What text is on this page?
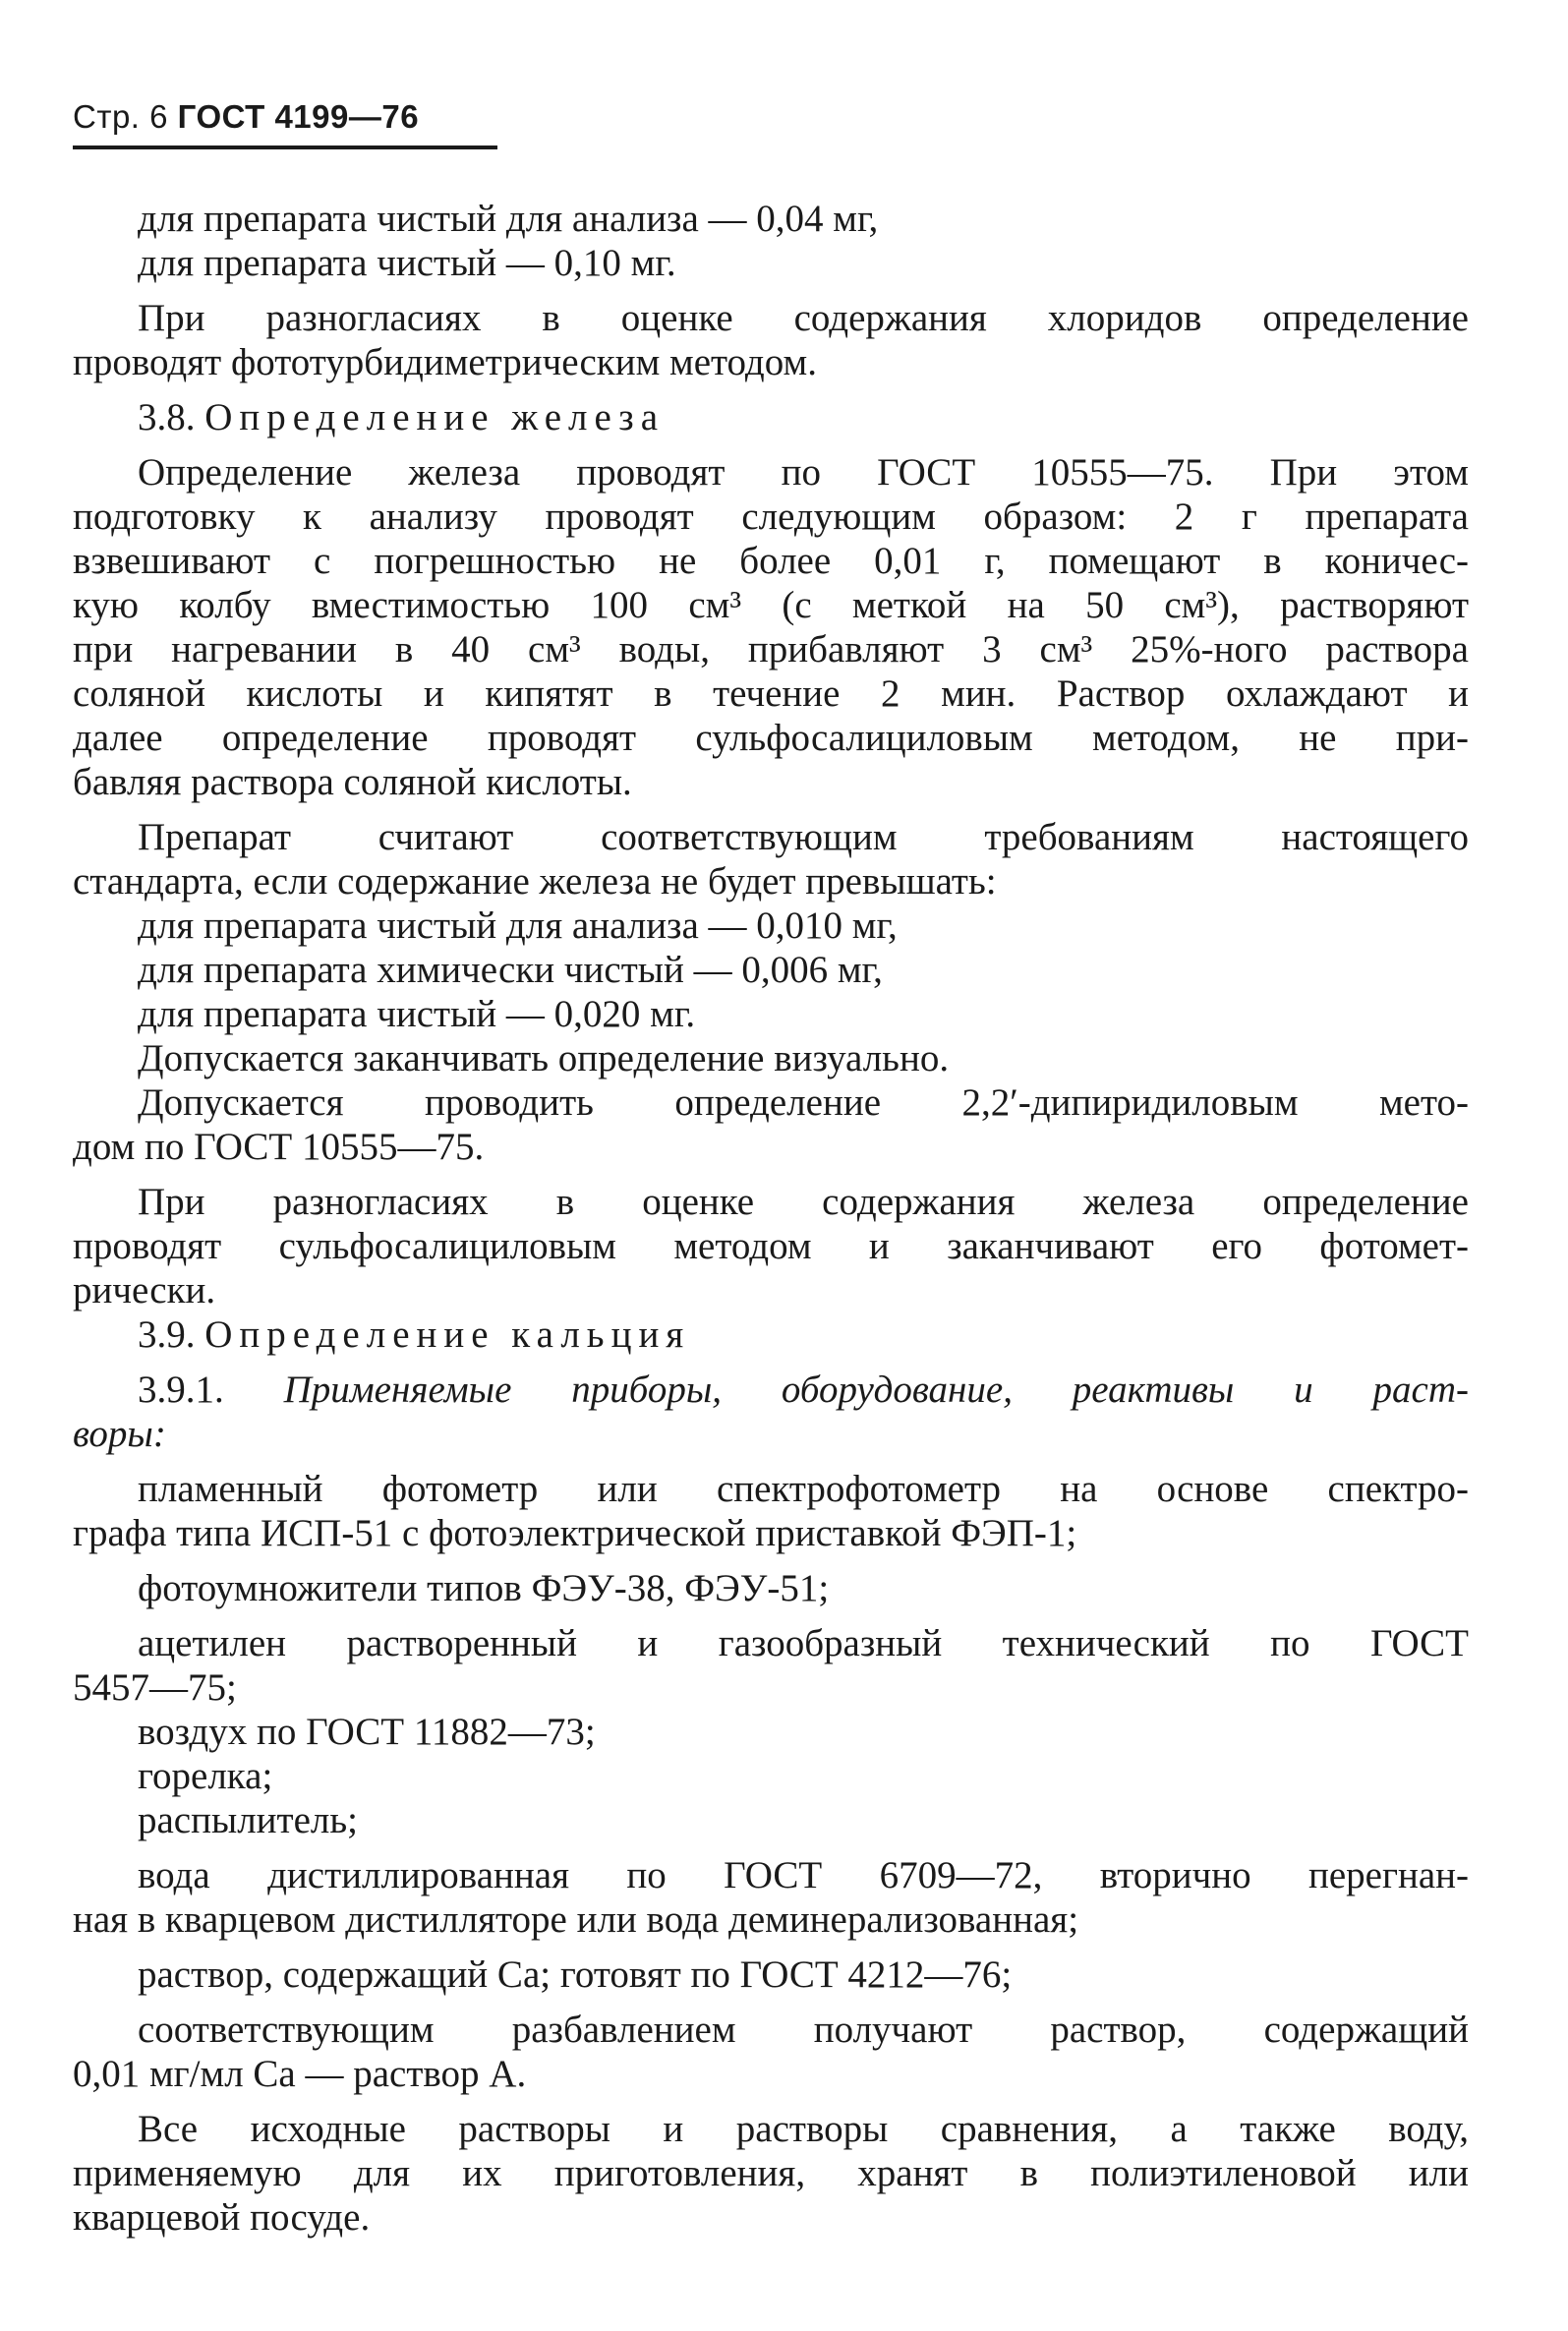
Стр. 6 ГОСТ 4199—76
для препарата чистый для анализа — 0,04 мг,
для препарата чистый — 0,10 мг.
При разногласиях в оценке содержания хлоридов определение
проводят фототурбидиметрическим методом.
3.8. Определение железа
Определение железа проводят по ГОСТ 10555—75. При этом
подготовку к анализу проводят следующим образом: 2 г препарата
взвешивают с погрешностью не более 0,01 г, помещают в коничес-
кую колбу вместимостью 100 см³ (с меткой на 50 см³), растворяют
при нагревании в 40 см³ воды, прибавляют 3 см³ 25%-ного раствора
соляной кислоты и кипятят в течение 2 мин. Раствор охлаждают и
далее определение проводят сульфосалициловым методом, не при-
бавляя раствора соляной кислоты.
Препарат считают соответствующим требованиям настоящего
стандарта, если содержание железа не будет превышать:
для препарата чистый для анализа — 0,010 мг,
для препарата химически чистый — 0,006 мг,
для препарата чистый — 0,020 мг.
Допускается заканчивать определение визуально.
Допускается проводить определение 2,2′-дипиридиловым мето-
дом по ГОСТ 10555—75.
При разногласиях в оценке содержания железа определение
проводят сульфосалициловым методом и заканчивают его фотомет-
рически.
3.9. Определение кальция
3.9.1. Применяемые приборы, оборудование, реактивы и раст-
воры:
пламенный фотометр или спектрофотометр на основе спектро-
графа типа ИСП-51 с фотоэлектрической приставкой ФЭП-1;
фотоумножители типов ФЭУ-38, ФЭУ-51;
ацетилен растворенный и газообразный технический по ГОСТ
5457—75;
воздух по ГОСТ 11882—73;
горелка;
распылитель;
вода дистиллированная по ГОСТ 6709—72, вторично перегнан-
ная в кварцевом дистилляторе или вода деминерализованная;
раствор, содержащий Са; готовят по ГОСТ 4212—76;
соответствующим разбавлением получают раствор, содержащий
0,01 мг/мл Са — раствор А.
Все исходные растворы и растворы сравнения, а также воду,
применяемую для их приготовления, хранят в полиэтиленовой или
кварцевой посуде.
